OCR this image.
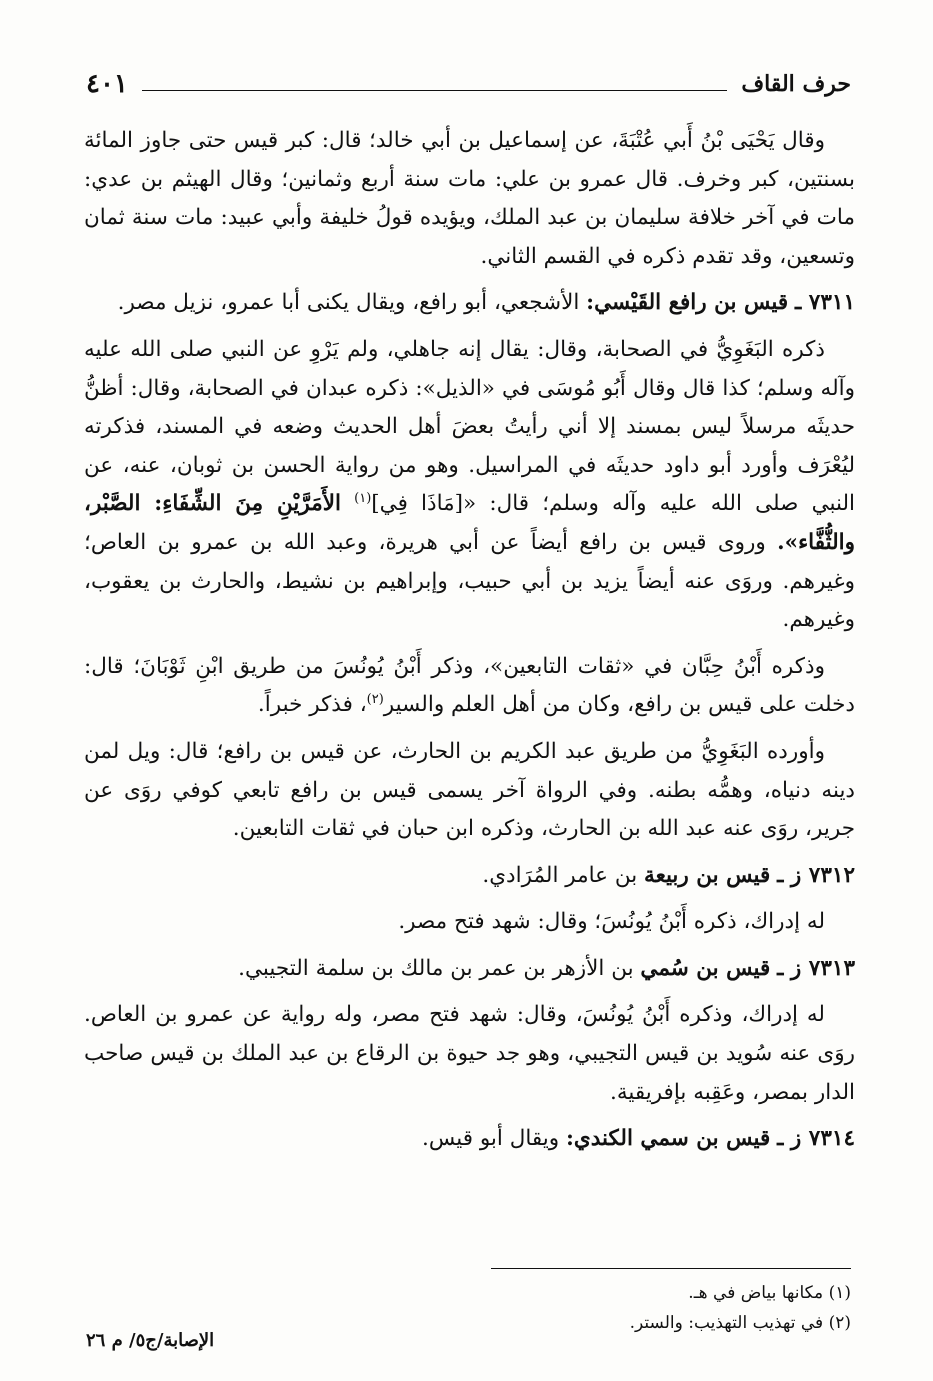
حرف القاف
٤٠١

وقال يَحْيَى بْنُ أَبي عُتْبَةَ، عن إسماعيل بن أبي خالد؛ قال: كبر قيس حتى جاوز المائة بسنتين، كبر وخرف. قال عمرو بن علي: مات سنة أربع وثمانين؛ وقال الهيثم بن عدي: مات في آخر خلافة سليمان بن عبد الملك، ويؤيده قولُ خليفة وأبي عبيد: مات سنة ثمان وتسعين، وقد تقدم ذكره في القسم الثاني.

٧٣١١ ـ قيس بن رافع القَيْسي: الأشجعي، أبو رافع، ويقال يكنى أبا عمرو، نزيل مصر.

ذكره البَغَوِيُّ في الصحابة، وقال: يقال إنه جاهلي، ولم يَرْوِ عن النبي صلى الله عليه وآله وسلم؛ كذا قال وقال أَبُو مُوسَى في «الذيل»: ذكره عبدان في الصحابة، وقال: أظنُّ حديثَه مرسلاً ليس بمسند إلا أني رأيتُ بعضَ أهل الحديث وضعه في المسند، فذكرته ليُعْرَف وأورد أبو داود حديثَه في المراسيل. وهو من رواية الحسن بن ثوبان، عنه، عن النبي صلى الله عليه وآله وسلم؛ قال: «[مَاذَا فِي]$^{(١)}$ الأَمَرَّيْنِ مِنَ الشِّفَاءِ: الصَّبْر، والثُّفَّاء». وروى قيس بن رافع أيضاً عن أبي هريرة، وعبد الله بن عمرو بن العاص؛ وغيرهم. وروَى عنه أيضاً يزيد بن أبي حبيب، وإبراهيم بن نشيط، والحارث بن يعقوب، وغيرهم.

وذكره أَبْنُ حِبَّان في «ثقات التابعين»، وذكر أَبْنُ يُونُسَ من طريق ابْنِ ثَوْبَانَ؛ قال: دخلت على قيس بن رافع، وكان من أهل العلم والسير$^{(٢)}$، فذكر خبراً.

وأورده البَغَوِيُّ من طريق عبد الكريم بن الحارث، عن قيس بن رافع؛ قال: ويل لمن دينه دنياه، وهمُّه بطنه. وفي الرواة آخر يسمى قيس بن رافع تابعي كوفي روَى عن جرير، روَى عنه عبد الله بن الحارث، وذكره ابن حبان في ثقات التابعين.

٧٣١٢ ز ـ قيس بن ربيعة بن عامر المُرَادي.

له إدراك، ذكره أَبْنُ يُونُسَ؛ وقال: شهد فتح مصر.

٧٣١٣ ز ـ قيس بن سُمي بن الأزهر بن عمر بن مالك بن سلمة التجيبي.

له إدراك، وذكره أَبْنُ يُونُسَ، وقال: شهد فتح مصر، وله رواية عن عمرو بن العاص. روَى عنه سُويد بن قيس التجيبي، وهو جد حيوة بن الرقاع بن عبد الملك بن قيس صاحب الدار بمصر، وعَقِبه بإفريقية.

٧٣١٤ ز ـ قيس بن سمي الكندي: ويقال أبو قيس.

(١) مكانها بياض في هـ.

(٢) في تهذيب التهذيب: والستر.

الإصابة/ج٥/ م ٢٦
